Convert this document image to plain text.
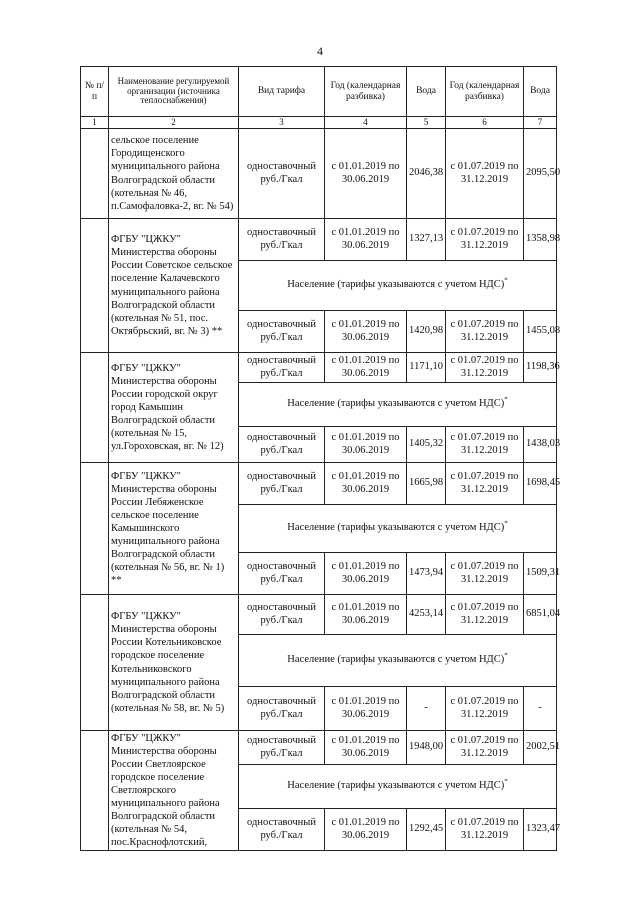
4
№ п/п	Наименование регулируемой организации (источника теплоснабжения)	Вид тарифа	Год (календарная разбивка)	Вода	Год (календарная разбивка)	Вода
1	2	3	4	5	6	7
	сельское поселение Городищенского муниципального района Волгоградской области (котельная № 46, п.Самофаловка-2, вг. № 54)	одноставочный руб./Гкал	с 01.01.2019 по 30.06.2019	2046,38	с 01.07.2019 по 31.12.2019	2095,50
	ФГБУ "ЦЖКУ" Министерства обороны России Советское сельское поселение Калачевского муниципального района Волгоградской области (котельная № 51, пос. Октябрьский, вг. № 3) **	одноставочный руб./Гкал	с 01.01.2019 по 30.06.2019	1327,13	с 01.07.2019 по 31.12.2019	1358,98
		Население (тарифы указываются с учетом НДС)*
		одноставочный руб./Гкал	с 01.01.2019 по 30.06.2019	1420,98	с 01.07.2019 по 31.12.2019	1455,08
	ФГБУ "ЦЖКУ" Министерства обороны России городской округ город Камышин Волгоградской области (котельная № 15, ул.Гороховская, вг. № 12)	одноставочный руб./Гкал	с 01.01.2019 по 30.06.2019	1171,10	с 01.07.2019 по 31.12.2019	1198,36
		Население (тарифы указываются с учетом НДС)*
		одноставочный руб./Гкал	с 01.01.2019 по 30.06.2019	1405,32	с 01.07.2019 по 31.12.2019	1438,03
	ФГБУ "ЦЖКУ" Министерства обороны России Лебяженское сельское поселение Камышинского муниципального района Волгоградской области (котельная № 56, вг. № 1) **	одноставочный руб./Гкал	с 01.01.2019 по 30.06.2019	1665,98	с 01.07.2019 по 31.12.2019	1698,45
		Население (тарифы указываются с учетом НДС)*
		одноставочный руб./Гкал	с 01.01.2019 по 30.06.2019	1473,94	с 01.07.2019 по 31.12.2019	1509,31
	ФГБУ "ЦЖКУ" Министерства обороны России Котельниковское городское поселение Котельниковского муниципального района Волгоградской области (котельная № 58, вг. № 5)	одноставочный руб./Гкал	с 01.01.2019 по 30.06.2019	4253,14	с 01.07.2019 по 31.12.2019	6851,04
		Население (тарифы указываются с учетом НДС)*
		одноставочный руб./Гкал	с 01.01.2019 по 30.06.2019	-	с 01.07.2019 по 31.12.2019	-
	ФГБУ "ЦЖКУ" Министерства обороны России Светлоярское городское поселение Светлоярского муниципального района Волгоградской области (котельная № 54, пос.Краснофлотский,	одноставочный руб./Гкал	с 01.01.2019 по 30.06.2019	1948,00	с 01.07.2019 по 31.12.2019	2002,51
		Население (тарифы указываются с учетом НДС)*
		одноставочный руб./Гкал	с 01.01.2019 по 30.06.2019	1292,45	с 01.07.2019 по 31.12.2019	1323,47
